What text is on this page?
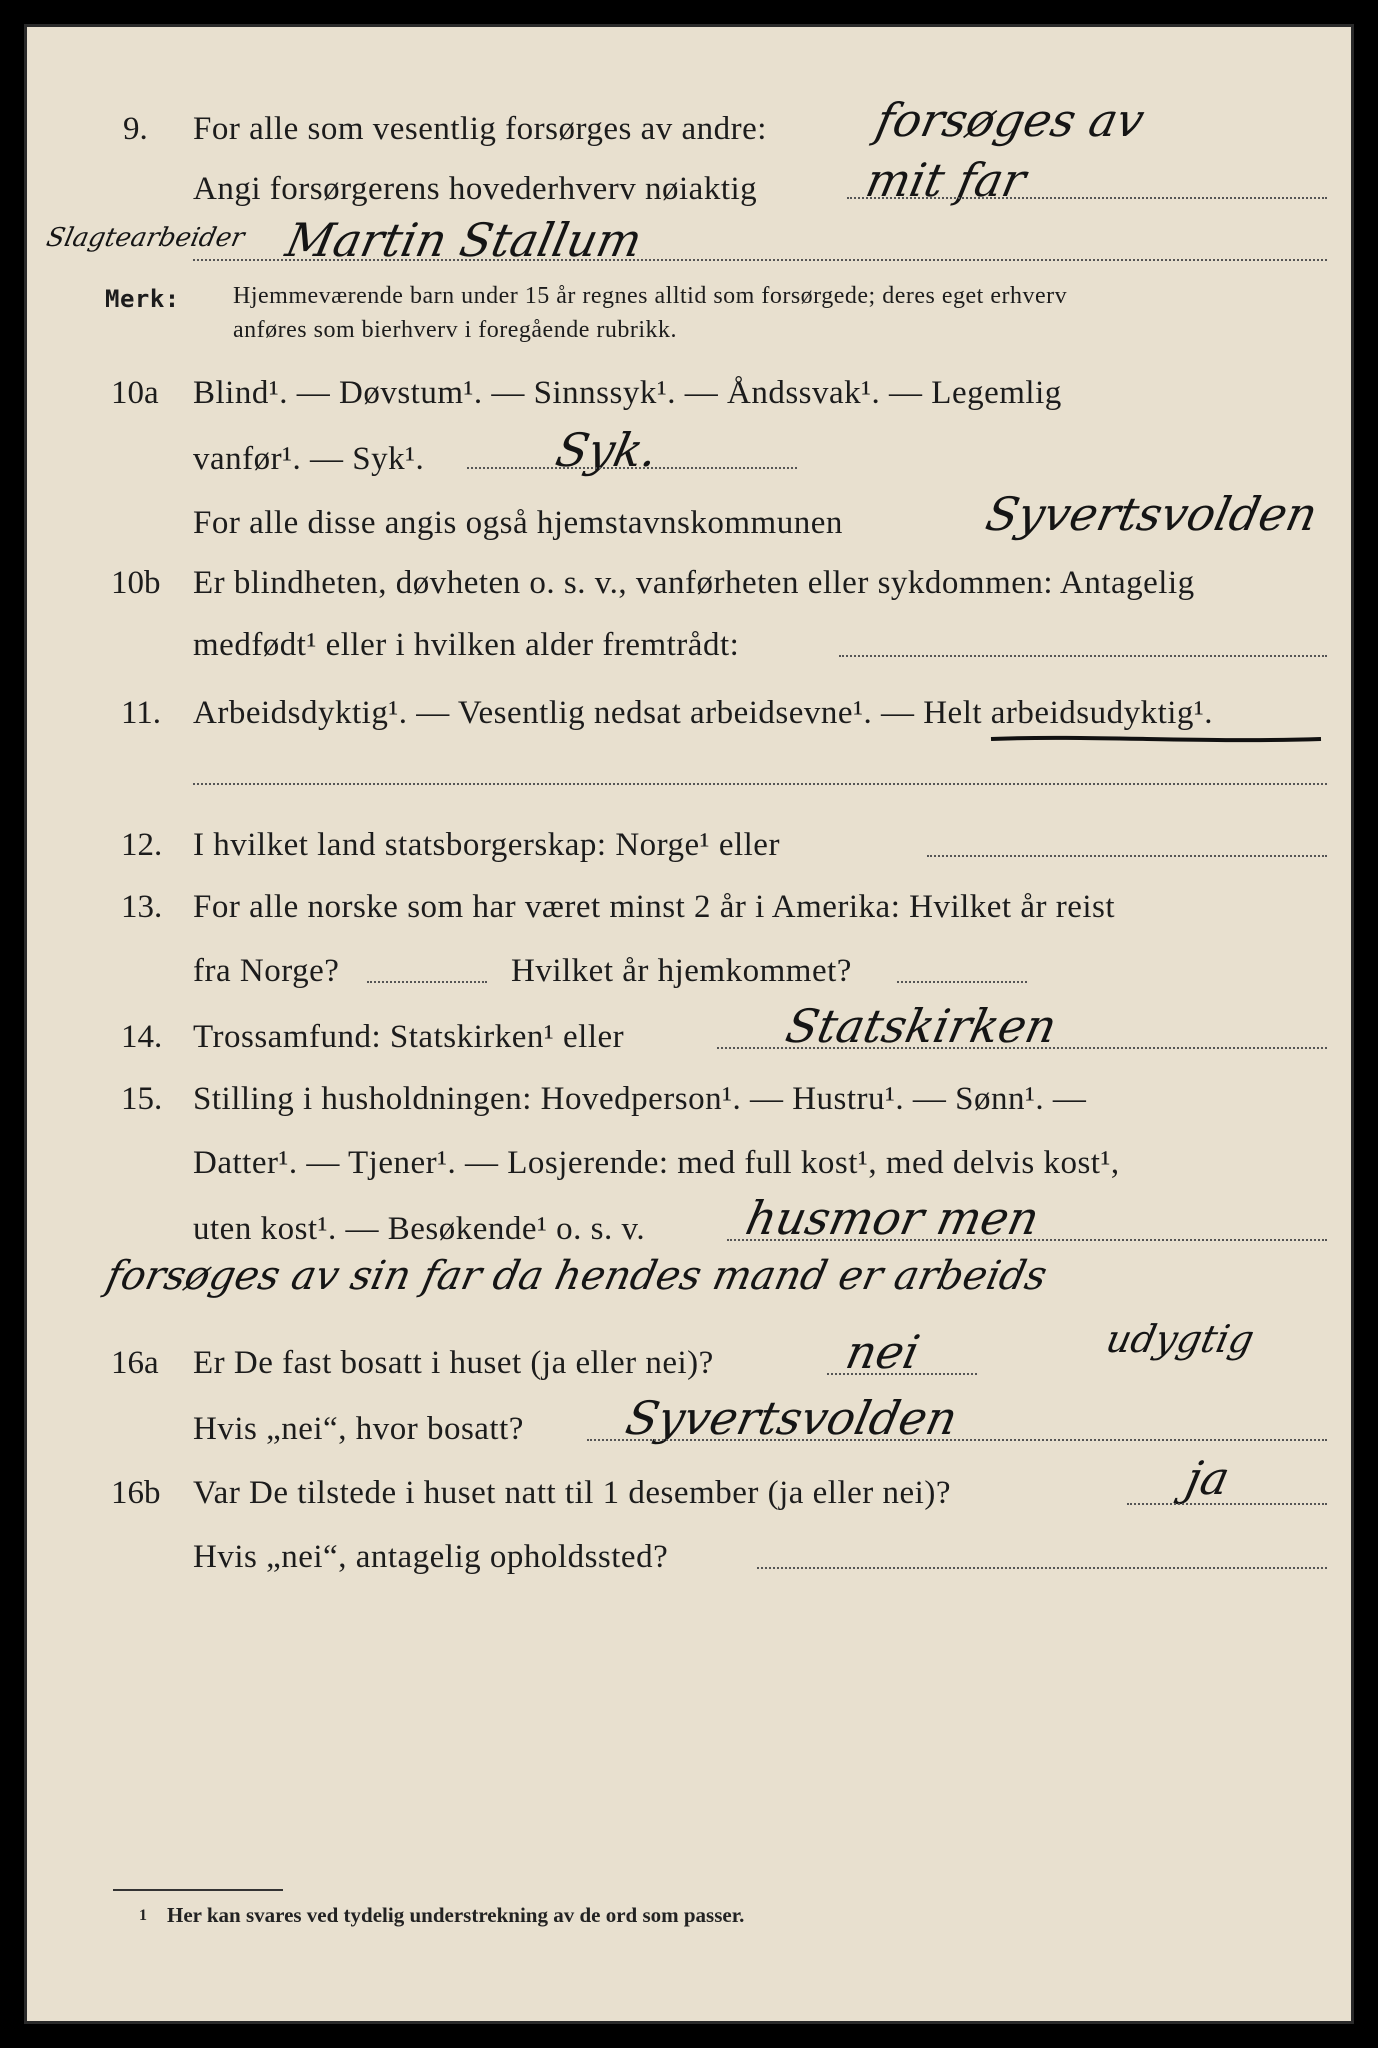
9. For alle som vesentlig forsørges av andre: forsøges av
Angi forsørgerens hovederhverv nøiaktig mit far
Slagtearbeider Martin Stallum
Merk: Hjemmeværende barn under 15 år regnes alltid som forsørgede; deres eget erhverv
anføres som bierhverv i foregående rubrikk.
10a Blind¹. — Døvstum¹. — Sinnssyk¹. — Åndssvak¹. — Legemlig
vanfør¹. — Syk¹.	Syk.
For alle disse angis også hjemstavnskommunen	Syvertsvolden
10b Er blindheten, døvheten o. s. v., vanførheten eller sykdommen: Antagelig
medfødt¹ eller i hvilken alder fremtrådt:
11. Arbeidsdyktig¹. — Vesentlig nedsat arbeidsevne¹. — Helt arbeidsudyktig¹.
12. I hvilket land statsborgerskap: Norge¹ eller
13. For alle norske som har været minst 2 år i Amerika: Hvilket år reist
fra Norge?	Hvilket år hjemkommet?
14. Trossamfund: Statskirken¹ eller	Statskirken
15. Stilling i husholdningen: Hovedperson¹. — Hustru¹. — Sønn¹. —
Datter¹. — Tjener¹. — Losjerende: med full kost¹, med delvis kost¹,
uten kost¹. — Besøkende¹ o. s. v. husmor men
forsøges av sin far da hendes mand er arbeids
udygtig
16a Er De fast bosatt i huset (ja eller nei)?	nei
Hvis „nei“, hvor bosatt? Syvertsvolden
16b Var De tilstede i huset natt til 1 desember (ja eller nei)?	ja
Hvis „nei“, antagelig opholdssted?
1 Her kan svares ved tydelig understrekning av de ord som passer.
